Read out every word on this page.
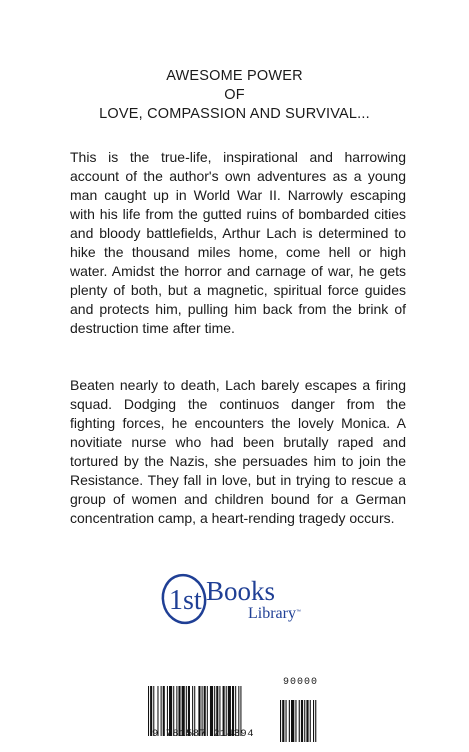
AWESOME POWER
OF
LOVE, COMPASSION AND SURVIVAL...

This is the true-life, inspirational and harrowing account of the author's own adventures as a young man caught up in World War II. Narrowly escaping with his life from the gutted ruins of bombarded cities and bloody battlefields, Arthur Lach is determined to hike the thousand miles home, come hell or high water. Amidst the horror and carnage of war, he gets plenty of both, but a magnetic, spiritual force guides and protects him, pulling him back from the brink of destruction time after time.

Beaten nearly to death, Lach barely escapes a firing squad. Dodging the continuos danger from the fighting forces, he encounters the lovely Monica. A novitiate nurse who had been brutally raped and tortured by the Nazis, she persuades him to join the Resistance. They fall in love, but in trying to rescue a group of women and children bound for a German concentration camp, a heart-rending tragedy occurs.

1st Books
Library ™
90000
9 781587 214394
